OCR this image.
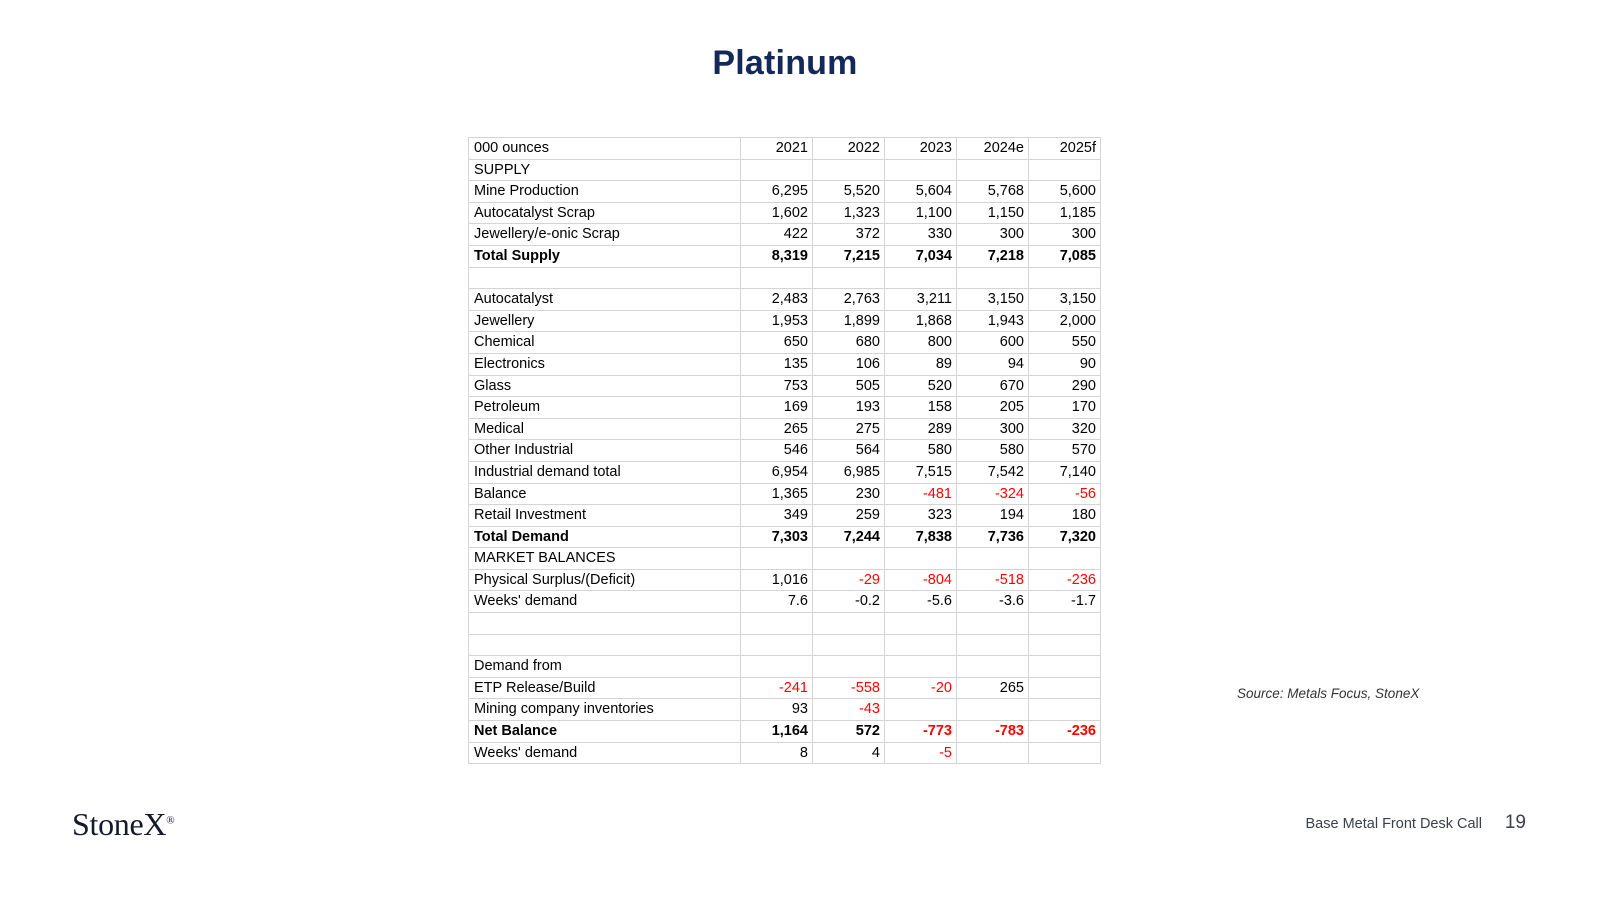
Platinum
000 ounces	2021	2022	2023	2024e	2025f
SUPPLY					
Mine Production	6,295	5,520	5,604	5,768	5,600
Autocatalyst Scrap	1,602	1,323	1,100	1,150	1,185
Jewellery/e-onic Scrap	422	372	330	300	300
Total Supply	8,319	7,215	7,034	7,218	7,085

Autocatalyst	2,483	2,763	3,211	3,150	3,150
Jewellery	1,953	1,899	1,868	1,943	2,000
Chemical	650	680	800	600	550
Electronics	135	106	89	94	90
Glass	753	505	520	670	290
Petroleum	169	193	158	205	170
Medical	265	275	289	300	320
Other Industrial	546	564	580	580	570
Industrial demand total	6,954	6,985	7,515	7,542	7,140
Balance	1,365	230	-481	-324	-56
Retail Investment	349	259	323	194	180
Total Demand	7,303	7,244	7,838	7,736	7,320
MARKET BALANCES					
Physical Surplus/(Deficit)	1,016	-29	-804	-518	-236
Weeks' demand	7.6	-0.2	-5.6	-3.6	-1.7

Demand from					
ETP Release/Build	-241	-558	-20	265	
Mining company inventories	93	-43			
Net Balance	1,164	572	-773	-783	-236
Weeks' demand	8	4	-5		
Source: Metals Focus, StoneX
StoneX®	Base Metal Front Desk Call 19
